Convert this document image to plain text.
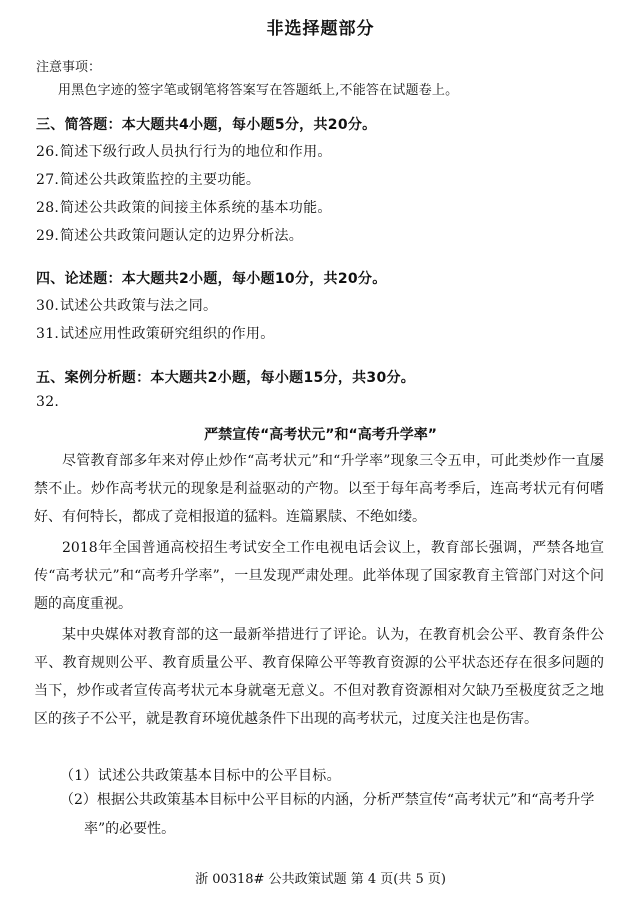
非选择题部分
注意事项：
用黑色字迹的签字笔或钢笔将答案写在答题纸上,不能答在试题卷上。
三、简答题：本大题共4小题，每小题5分，共20分。
26.简述下级行政人员执行行为的地位和作用。
27.简述公共政策监控的主要功能。
28.简述公共政策的间接主体系统的基本功能。
29.简述公共政策问题认定的边界分析法。
四、论述题：本大题共2小题，每小题10分，共20分。
30.试述公共政策与法之同。
31.试述应用性政策研究组织的作用。
五、案例分析题：本大题共2小题，每小题15分，共30分。
32.
严禁宣传“高考状元”和“高考升学率”

尽管教育部多年来对停止炒作“高考状元”和“升学率”现象三令五申，可此类炒作一直屡禁不止。炒作高考状元的现象是利益驱动的产物。以至于每年高考季后，连高考状元有何嗜好、有何特长，都成了竞相报道的猛料。连篇累牍、不绝如缕。

2018年全国普通高校招生考试安全工作电视电话会议上，教育部长强调，严禁各地宣传“高考状元”和“高考升学率”，一旦发现严肃处理。此举体现了国家教育主管部门对这个问题的高度重视。

某中央媒体对教育部的这一最新举措进行了评论。认为，在教育机会公平、教育条件公平、教育规则公平、教育质量公平、教育保障公平等教育资源的公平状态还存在很多问题的当下，炒作或者宣传高考状元本身就毫无意义。不但对教育资源相对欠缺乃至极度贫乏之地区的孩子不公平，就是教育环境优越条件下出现的高考状元，过度关注也是伤害。

（1）试述公共政策基本目标中的公平目标。

（2）根据公共政策基本目标中公平目标的内涵，分析严禁宣传“高考状元”和“高考升学率”的必要性。

浙 00318# 公共政策试题 第 4 页(共 5 页)
